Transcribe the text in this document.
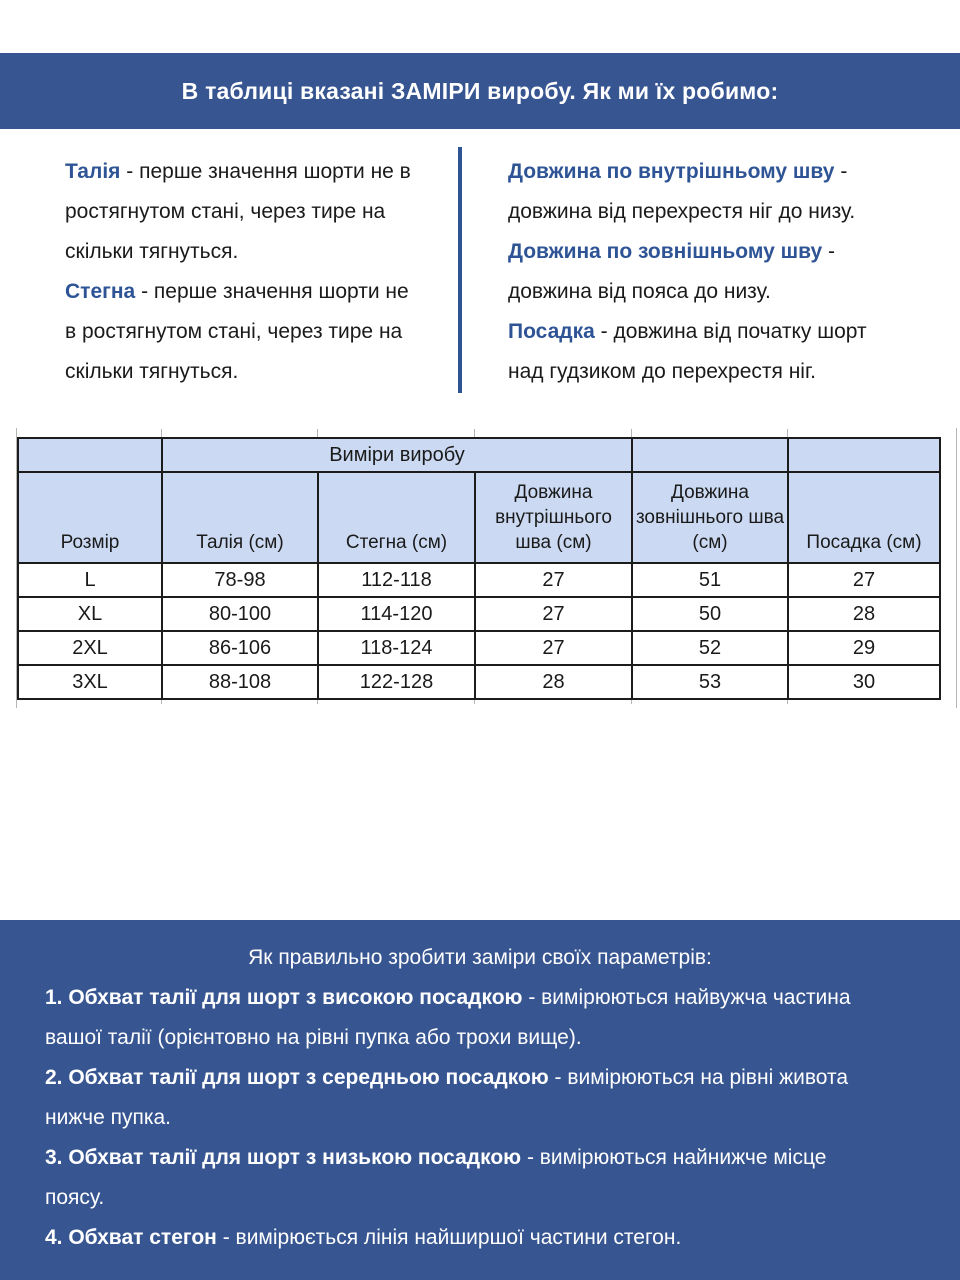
В таблиці вказані ЗАМІРИ виробу. Як ми їх робимо:
Талія - перше значення шорти не в
ростягнутом стані, через тире на
скільки тягнуться.
Стегна - перше значення шорти не
в ростягнутом стані, через тире на
скільки тягнуться.
Довжина по внутрішньому шву -
довжина від перехрестя ніг до низу.
Довжина по зовнішньому шву -
довжина від пояса до низу.
Посадка - довжина від початку шорт
над гудзиком до перехрестя ніг.
	Виміри виробу				
Розмір	Талія (см)	Стегна (см)	Довжина внутрішнього шва (см)	Довжина зовнішнього шва (см)	Посадка (см)
L	78-98	112-118	27	51	27
XL	80-100	114-120	27	50	28
2XL	86-106	118-124	27	52	29
3XL	88-108	122-128	28	53	30
Як правильно зробити заміри своїх параметрів:
1. Обхват талії для шорт з високою посадкою - вимірюються найвужча частина
вашої талії (орієнтовно на рівні пупка або трохи вище).
2. Обхват талії для шорт з середньою посадкою - вимірюються на рівні живота
нижче пупка.
3. Обхват талії для шорт з низькою посадкою - вимірюються найнижче місце
поясу.
4. Обхват стегон - вимірюється лінія найширшої частини стегон.
